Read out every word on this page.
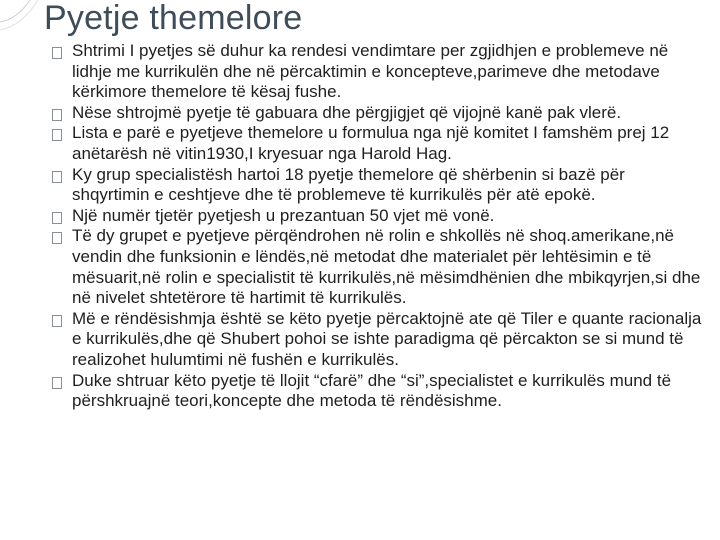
Pyetje themelore
Shtrimi I pyetjes së duhur ka rendesi vendimtare per zgjidhjen e problemeve në lidhje me kurrikulën dhe në përcaktimin e koncepteve,parimeve dhe metodave kërkimore themelore të kësaj fushe.
Nëse shtrojmë pyetje të gabuara dhe përgjigjet që vijojnë kanë pak vlerë.
Lista e parë e pyetjeve themelore u formulua nga një komitet I famshëm prej 12 anëtarësh në vitin1930,I kryesuar nga Harold Hag.
Ky grup specialistësh hartoi 18 pyetje themelore që shërbenin si bazë për shqyrtimin e ceshtjeve dhe të problemeve të kurrikulës për atë epokë.
Një numër tjetër pyetjesh u prezantuan 50 vjet më vonë.
Të dy grupet e pyetjeve përqëndrohen në rolin e shkollës në shoq.amerikane,në vendin dhe funksionin e lëndës,në metodat dhe materialet për lehtësimin e të mësuarit,në rolin e specialistit të kurrikulës,në mësimdhënien dhe mbikqyrjen,si dhe në nivelet shtetërore të hartimit të kurrikulës.
Më e rëndësishmja është se këto pyetje përcaktojnë ate që Tiler e quante racionalja e kurrikulës,dhe që Shubert pohoi se ishte paradigma që përcakton se si mund të realizohet hulumtimi në fushën e kurrikulës.
Duke shtruar këto pyetje të llojit “cfarë” dhe “si”,specialistet e kurrikulës mund të përshkruajnë teori,koncepte dhe metoda të rëndësishme.
